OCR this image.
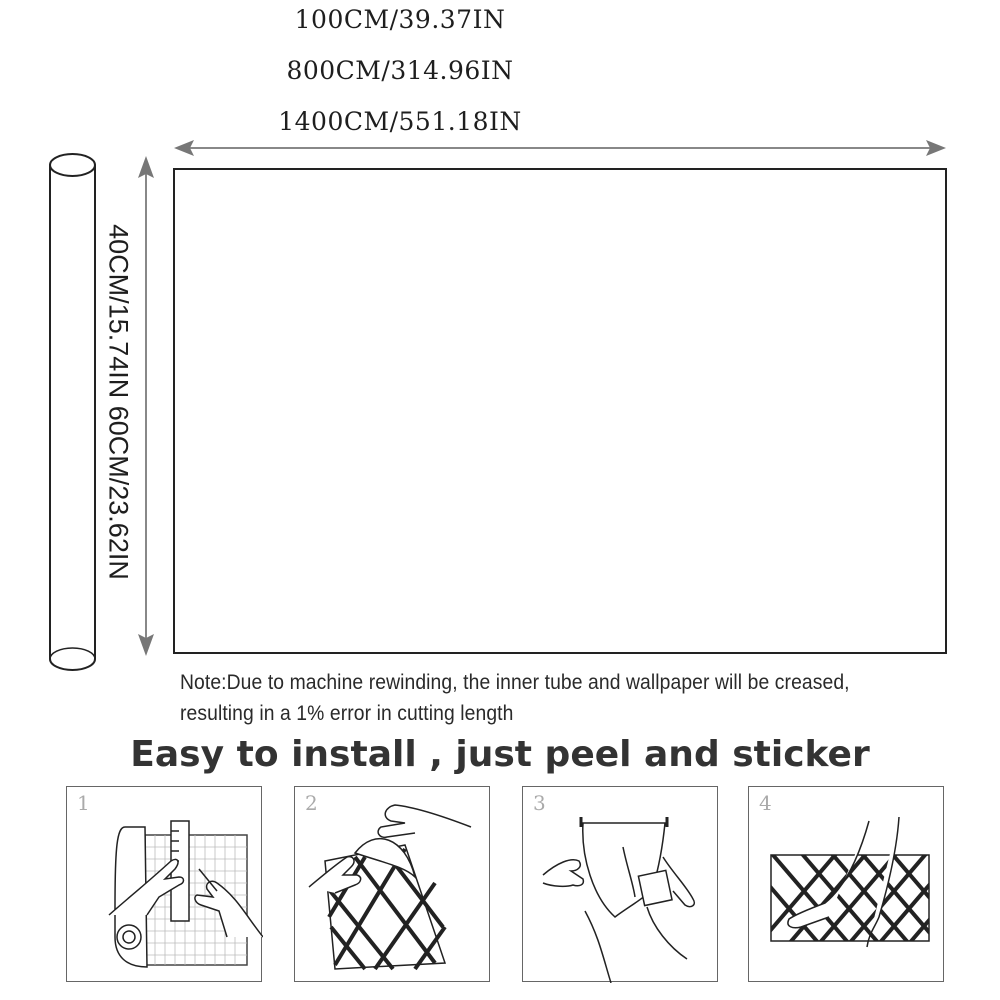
100CM/39.37IN
800CM/314.96IN
1400CM/551.18IN
40CM/15.74IN 60CM/23.62IN
Note:Due to machine rewinding, the inner tube and wallpaper will be creased,
resulting in a 1% error in cutting length
Easy to install , just peel and sticker
1	2	3	4
